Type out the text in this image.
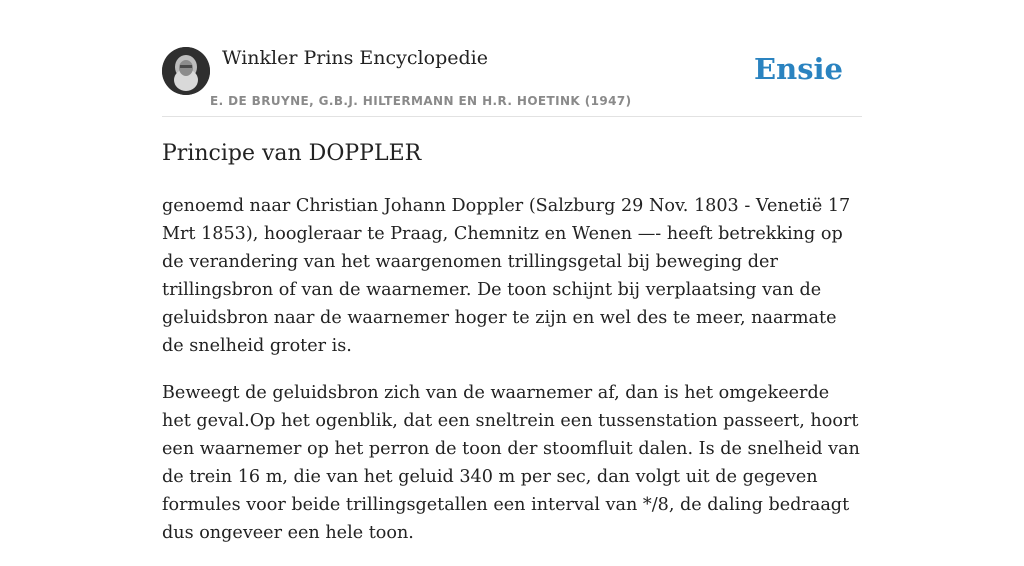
Winkler Prins Encyclopedie
E. DE BRUYNE, G.B.J. HILTERMANN EN H.R. HOETINK (1947)
Ensie
Principe van DOPPLER

genoemd naar Christian Johann Doppler (Salzburg 29 Nov. 1803 - Venetië 17 Mrt 1853), hoogleraar te Praag, Chemnitz en Wenen —- heeft betrekking op de verandering van het waargenomen trillingsgetal bij beweging der trillingsbron of van de waarnemer. De toon schijnt bij verplaatsing van de geluidsbron naar de waarnemer hoger te zijn en wel des te meer, naarmate de snelheid groter is.

Beweegt de geluidsbron zich van de waarnemer af, dan is het omgekeerde het geval.Op het ogenblik, dat een sneltrein een tussenstation passeert, hoort een waarnemer op het perron de toon der stoomfluit dalen. Is de snelheid van de trein 16 m, die van het geluid 340 m per sec, dan volgt uit de gegeven formules voor beide trillingsgetallen een interval van */8, de daling bedraagt dus ongeveer een hele toon.
